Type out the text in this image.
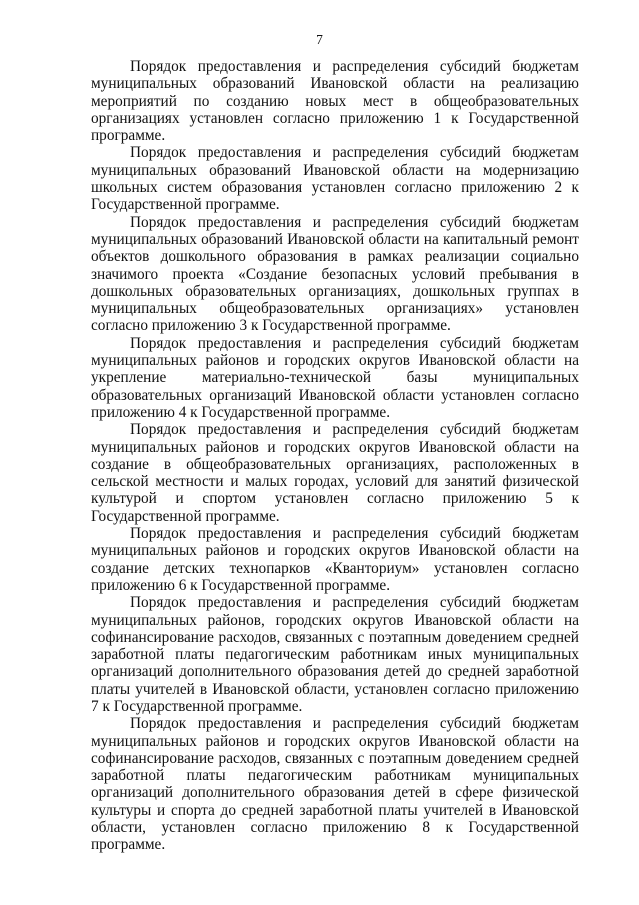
7

Порядок предоставления и распределения субсидий бюджетам муниципальных образований Ивановской области на реализацию мероприятий по созданию новых мест в общеобразовательных организациях установлен согласно приложению 1 к Государственной программе.

Порядок предоставления и распределения субсидий бюджетам муниципальных образований Ивановской области на модернизацию школьных систем образования установлен согласно приложению 2 к Государственной программе.

Порядок предоставления и распределения субсидий бюджетам муниципальных образований Ивановской области на капитальный ремонт объектов дошкольного образования в рамках реализации социально значимого проекта «Создание безопасных условий пребывания в дошкольных образовательных организациях, дошкольных группах в муниципальных общеобразовательных организациях» установлен согласно приложению 3 к Государственной программе.

Порядок предоставления и распределения субсидий бюджетам муниципальных районов и городских округов Ивановской области на укрепление материально-технической базы муниципальных образовательных организаций Ивановской области установлен согласно приложению 4 к Государственной программе.

Порядок предоставления и распределения субсидий бюджетам муниципальных районов и городских округов Ивановской области на создание в общеобразовательных организациях, расположенных в сельской местности и малых городах, условий для занятий физической культурой и спортом установлен согласно приложению 5 к Государственной программе.

Порядок предоставления и распределения субсидий бюджетам муниципальных районов и городских округов Ивановской области на создание детских технопарков «Кванториум» установлен согласно приложению 6 к Государственной программе.

Порядок предоставления и распределения субсидий бюджетам муниципальных районов, городских округов Ивановской области на софинансирование расходов, связанных с поэтапным доведением средней заработной платы педагогическим работникам иных муниципальных организаций дополнительного образования детей до средней заработной платы учителей в Ивановской области, установлен согласно приложению 7 к Государственной программе.

Порядок предоставления и распределения субсидий бюджетам муниципальных районов и городских округов Ивановской области на софинансирование расходов, связанных с поэтапным доведением средней заработной платы педагогическим работникам муниципальных организаций дополнительного образования детей в сфере физической культуры и спорта до средней заработной платы учителей в Ивановской области, установлен согласно приложению 8 к Государственной программе.
